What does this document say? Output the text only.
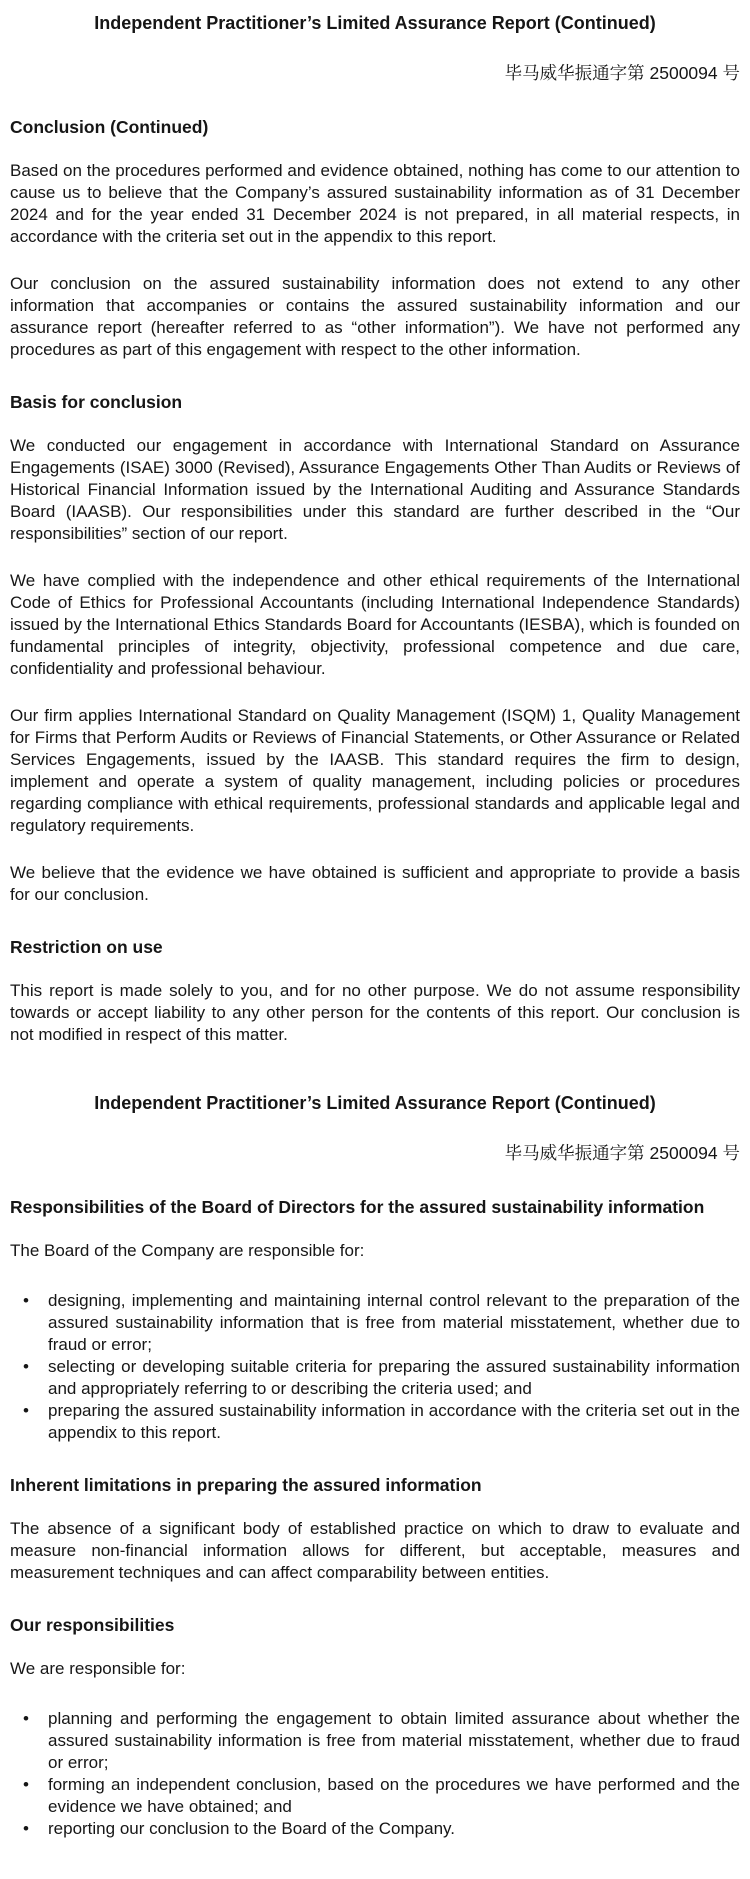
Independent Practitioner’s Limited Assurance Report (Continued)
毕马威华振通字第 2500094 号
Conclusion (Continued)

Based on the procedures performed and evidence obtained, nothing has come to our attention to cause us to believe that the Company’s assured sustainability information as of 31 December 2024 and for the year ended 31 December 2024 is not prepared, in all material respects, in accordance with the criteria set out in the appendix to this report.

Our conclusion on the assured sustainability information does not extend to any other information that accompanies or contains the assured sustainability information and our assurance report (hereafter referred to as “other information”). We have not performed any procedures as part of this engagement with respect to the other information.

Basis for conclusion

We conducted our engagement in accordance with International Standard on Assurance Engagements (ISAE) 3000 (Revised), Assurance Engagements Other Than Audits or Reviews of Historical Financial Information issued by the International Auditing and Assurance Standards Board (IAASB). Our responsibilities under this standard are further described in the “Our responsibilities” section of our report.

We have complied with the independence and other ethical requirements of the International Code of Ethics for Professional Accountants (including International Independence Standards) issued by the International Ethics Standards Board for Accountants (IESBA), which is founded on fundamental principles of integrity, objectivity, professional competence and due care, confidentiality and professional behaviour.

Our firm applies International Standard on Quality Management (ISQM) 1, Quality Management for Firms that Perform Audits or Reviews of Financial Statements, or Other Assurance or Related Services Engagements, issued by the IAASB. This standard requires the firm to design, implement and operate a system of quality management, including policies or procedures regarding compliance with ethical requirements, professional standards and applicable legal and regulatory requirements.

We believe that the evidence we have obtained is sufficient and appropriate to provide a basis for our conclusion.

Restriction on use

This report is made solely to you, and for no other purpose. We do not assume responsibility towards or accept liability to any other person for the contents of this report. Our conclusion is not modified in respect of this matter.

Independent Practitioner’s Limited Assurance Report (Continued)
毕马威华振通字第 2500094 号
Responsibilities of the Board of Directors for the assured sustainability information

The Board of the Company are responsible for:

• designing, implementing and maintaining internal control relevant to the preparation of the assured sustainability information that is free from material misstatement, whether due to fraud or error;
• selecting or developing suitable criteria for preparing the assured sustainability information and appropriately referring to or describing the criteria used; and
• preparing the assured sustainability information in accordance with the criteria set out in the appendix to this report.
Inherent limitations in preparing the assured information

The absence of a significant body of established practice on which to draw to evaluate and measure non-financial information allows for different, but acceptable, measures and measurement techniques and can affect comparability between entities.

Our responsibilities

We are responsible for:

• planning and performing the engagement to obtain limited assurance about whether the assured sustainability information is free from material misstatement, whether due to fraud or error;
• forming an independent conclusion, based on the procedures we have performed and the evidence we have obtained; and
• reporting our conclusion to the Board of the Company.
